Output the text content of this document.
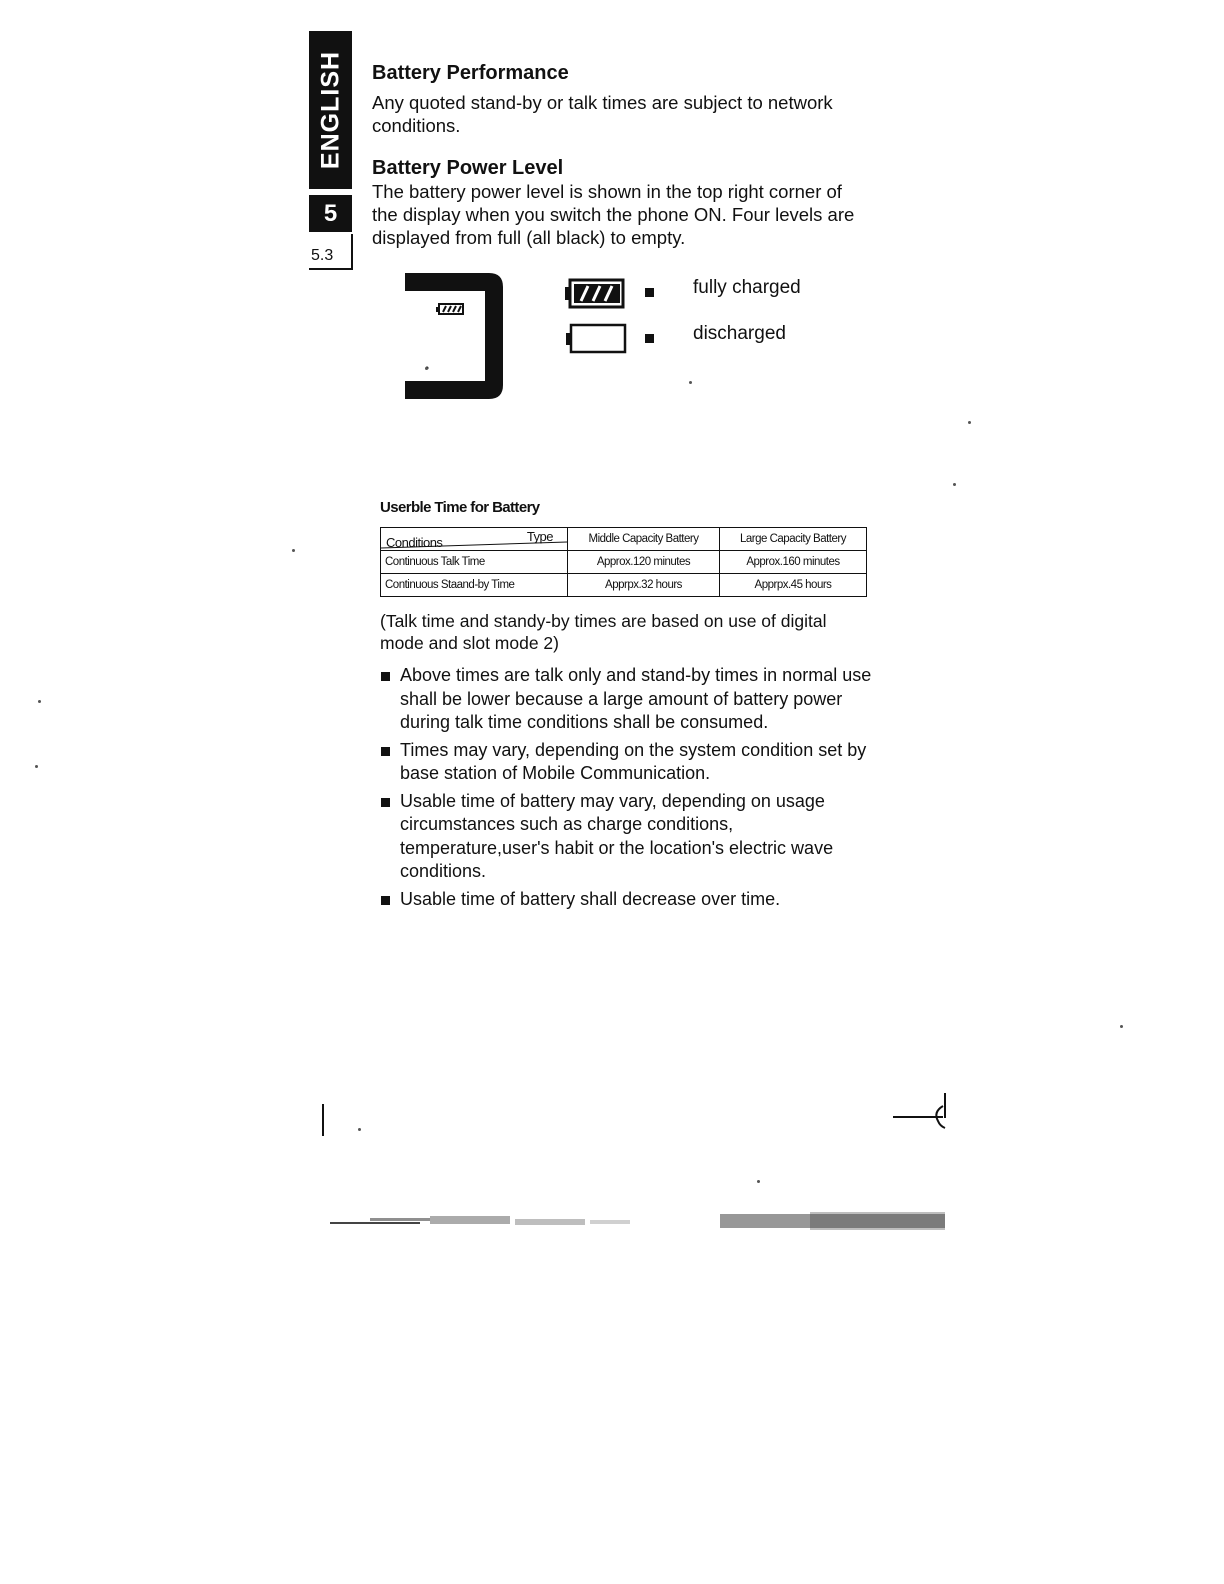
ENGLISH
5
5.3
Battery Performance

Any quoted stand-by or talk times are subject to network conditions.

Battery Power Level

The battery power level is shown in the top right corner of the display when you switch the phone ON. Four levels are displayed from full (all black) to empty.

fully charged
discharged
Userble Time for Battery
Type
Conditions	Middle Capacity Battery	Large Capacity Battery
Continuous Talk Time	Approx.120 minutes	Approx.160 minutes
Continuous Staand-by Time	Apprpx.32 hours	Apprpx.45 hours
(Talk time and standy-by times are based on use of digital mode and slot mode 2)
Above times are talk only and stand-by times in normal use shall be lower because a large amount of battery power during talk time conditions shall be consumed.
Times may vary, depending on the system condition set by base station of Mobile Communication.
Usable time of battery may vary, depending on usage circumstances such as charge conditions, temperature,user's habit or the location's electric wave conditions.
Usable time of battery shall decrease over time.
